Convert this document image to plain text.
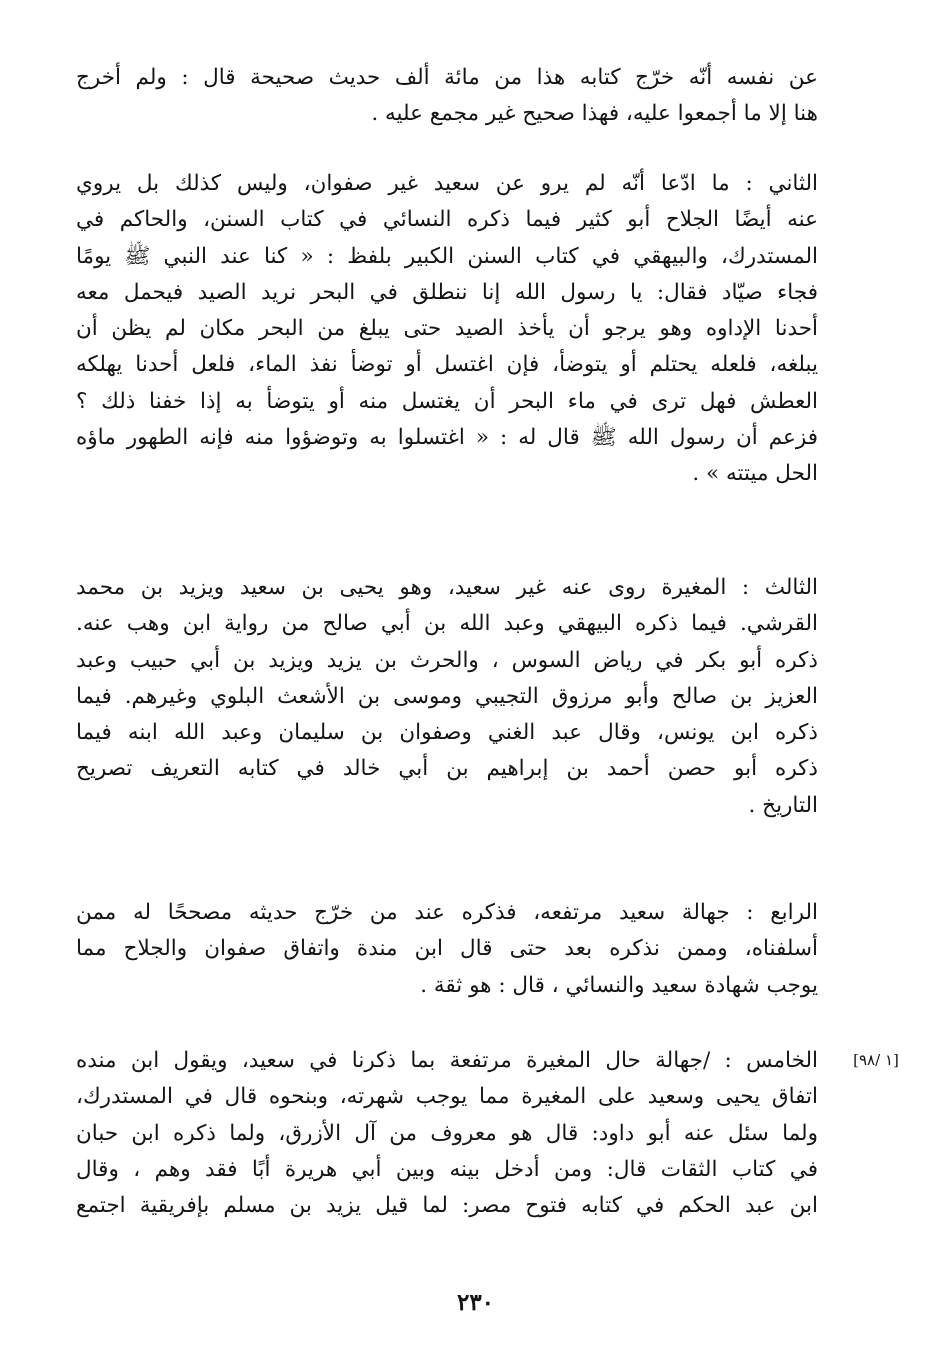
عن نفسه أنّه خرّج كتابه هذا من مائة ألف حديث صحيحة قال : ولم أخرج
هنا إلا ما أجمعوا عليه، فهذا صحيح غير مجمع عليه .
الثاني : ما ادّعا أنّه لم يرو عن سعيد غير صفوان، وليس كذلك بل يروي
عنه أيضًا الجلاح أبو كثير فيما ذكره النسائي في كتاب السنن، والحاكم في
المستدرك، والبيهقي في كتاب السنن الكبير بلفظ : « كنا عند النبي ﷺ يومًا
فجاء صيّاد فقال: يا رسول الله إنا ننطلق في البحر نريد الصيد فيحمل معه
أحدنا الإداوه وهو يرجو أن يأخذ الصيد حتى يبلغ من البحر مكان لم يظن أن
يبلغه، فلعله يحتلم أو يتوضأ، فإن اغتسل أو توضأ نفذ الماء، فلعل أحدنا يهلكه
العطش فهل ترى في ماء البحر أن يغتسل منه أو يتوضأ به إذا خفنا ذلك ؟
فزعم أن رسول الله ﷺ قال له : « اغتسلوا به وتوضؤوا منه فإنه الطهور ماؤه
الحل ميتته » .
الثالث : المغيرة روى عنه غير سعيد، وهو يحيى بن سعيد ويزيد بن محمد
القرشي. فيما ذكره البيهقي وعبد الله بن أبي صالح من رواية ابن وهب عنه.
ذكره أبو بكر في رياض السوس ، والحرث بن يزيد ويزيد بن أبي حبيب وعبد
العزيز بن صالح وأبو مرزوق التجيبي وموسى بن الأشعث البلوي وغيرهم. فيما
ذكره ابن يونس، وقال عبد الغني وصفوان بن سليمان وعبد الله ابنه فيما
ذكره أبو حصن أحمد بن إبراهيم بن أبي خالد في كتابه التعريف تصريح
التاريخ .
الرابع : جهالة سعيد مرتفعه، فذكره عند من خرّج حديثه مصححًا له ممن
أسلفناه، وممن نذكره بعد حتى قال ابن مندة واتفاق صفوان والجلاح مما
يوجب شهادة سعيد والنسائي ، قال : هو ثقة .
[١ /٩٨]
الخامس : /جهالة حال المغيرة مرتفعة بما ذكرنا في سعيد، ويقول ابن منده
اتفاق يحيى وسعيد على المغيرة مما يوجب شهرته، وبنحوه قال في المستدرك،
ولما سئل عنه أبو داود: قال هو معروف من آل الأزرق، ولما ذكره ابن حبان
في كتاب الثقات قال: ومن أدخل بينه وبين أبي هريرة أبًا فقد وهم ، وقال
ابن عبد الحكم في كتابه فتوح مصر: لما قيل يزيد بن مسلم بإفريقية اجتمع
٢٣٠
